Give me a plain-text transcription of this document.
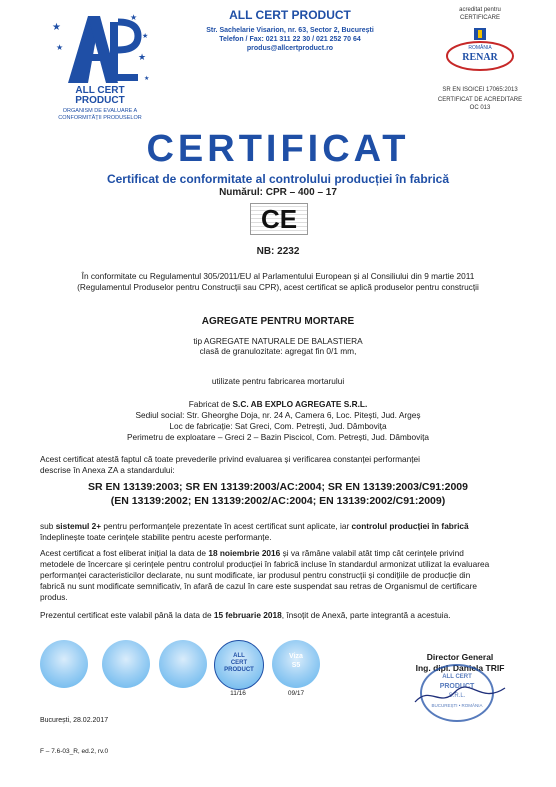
★
★
★
★
★
★
ALL CERT
PRODUCT
ORGANISM DE EVALUARE A
CONFORMITĂȚII PRODUSELOR
ALL CERT PRODUCT
Str. Sachelarie Visarion, nr. 63, Sector 2, București
Telefon / Fax: 021 311 22 30 / 021 252 70 64
produs@allcertproduct.ro
acreditat pentru
CERTIFICARE
ROMÂNIA
RENAR
SR EN ISO/CEI 17065:2013
CERTIFICAT DE ACREDITARE
OC 013
CERTIFICAT
Certificat de conformitate al controlului producției în fabrică
Numărul: CPR – 400 – 17
CE
NB: 2232
În conformitate cu Regulamentul 305/2011/EU al Parlamentului European și al Consiliului din 9 martie 2011
(Regulamentul Produselor pentru Construcții sau CPR), acest certificat se aplică produselor pentru construcții
AGREGATE PENTRU MORTARE
tip AGREGATE NATURALE DE BALASTIERA
clasă de granulozitate: agregat fin 0/1 mm,
utilizate pentru fabricarea mortarului
Fabricat de S.C. AB EXPLO AGREGATE S.R.L.
Sediul social: Str. Gheorghe Doja, nr. 24 A, Camera 6, Loc. Pitești, Jud. Argeș
Loc de fabricație: Sat Greci, Com. Petrești, Jud. Dâmbovița
Perimetru de exploatare – Greci 2 – Bazin Piscicol, Com. Petrești, Jud. Dâmbovița
Acest certificat atestă faptul că toate prevederile privind evaluarea și verificarea constanței performanței
descrise în Anexa ZA a standardului:
SR EN 13139:2003; SR EN 13139:2003/AC:2004; SR EN 13139:2003/C91:2009
(EN 13139:2002; EN 13139:2002/AC:2004; EN 13139:2002/C91:2009)
sub sistemul 2+ pentru performanțele prezentate în acest certificat sunt aplicate, iar controlul producției în fabrică
îndeplinește toate cerințele stabilite pentru aceste performanțe.
Acest certificat a fost eliberat inițial la data de 18 noiembrie 2016 și va rămâne valabil atât timp cât cerințele privind
metodele de încercare și cerințele pentru controlul producției în fabrică incluse în standardul armonizat utilizat la evaluarea
performanței caracteristicilor declarate, nu sunt modificate, iar produsul pentru construcții și condițiile de producție din
fabrică nu sunt modificate semnificativ, în afară de cazul în care este suspendat sau retras de Organismul de certificare
produs.
Prezentul certificat este valabil până la data de 15 februarie 2018, însoțit de Anexă, parte integrantă a acestuia.
ALL
CERT
PRODUCT
11/16
Viza
S5
09/17
Director General
Ing. dipl. Daniela TRIF
ALL CERT
PRODUCT
S.R.L.
BUCUREȘTI • ROMÂNIA
București, 28.02.2017
F – 7.6-03_R, ed.2, rv.0
